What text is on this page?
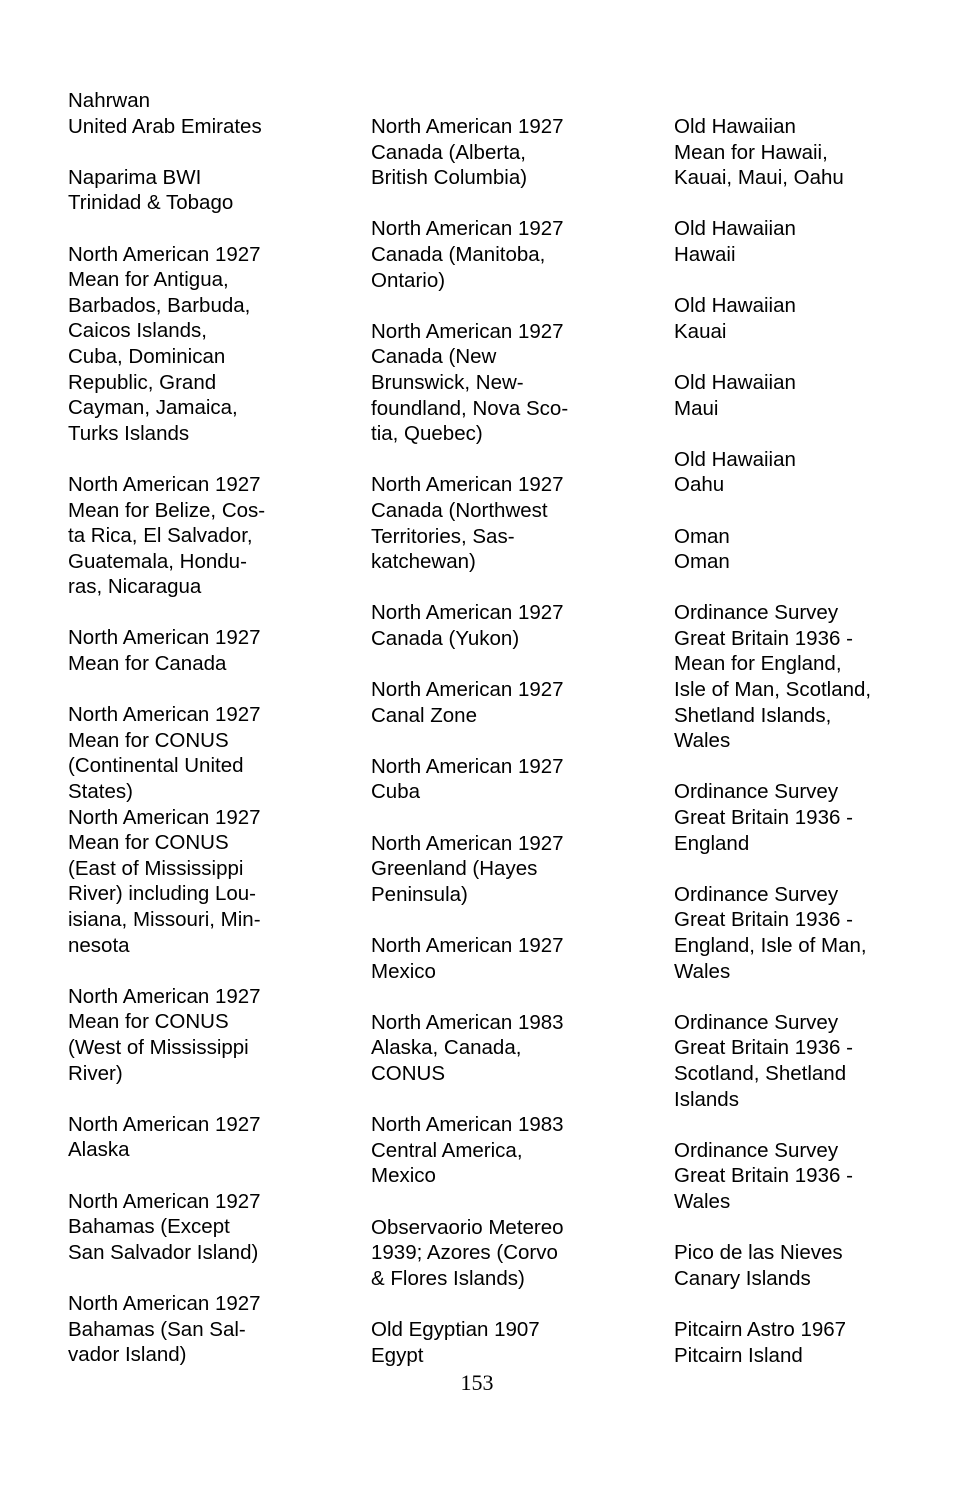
Nahrwan
United Arab Emirates
Naparima BWI
Trinidad & Tobago
North American 1927
Mean for Antigua,
Barbados, Barbuda,
Caicos Islands,
Cuba, Dominican
Republic, Grand
Cayman, Jamaica,
Turks Islands
North American 1927
Mean for Belize, Cos-
ta Rica, El Salvador,
Guatemala, Hondu-
ras, Nicaragua
North American 1927
Mean for Canada
North American 1927
Mean for CONUS
(Continental United
States)
North American 1927
Mean for CONUS
(East of Mississippi
River) including Lou-
isiana, Missouri, Min-
nesota
North American 1927
Mean for CONUS
(West of Mississippi
River)
North American 1927
Alaska
North American 1927
Bahamas (Except
San Salvador Island)
North American 1927
Bahamas (San Sal-
vador Island)
North American 1927
Canada (Alberta,
British Columbia)
North American 1927
Canada (Manitoba,
Ontario)
North American 1927
Canada (New
Brunswick, New-
foundland, Nova Sco-
tia, Quebec)
North American 1927
Canada (Northwest
Territories, Sas-
katchewan)
North American 1927
Canada (Yukon)
North American 1927
Canal Zone
North American 1927
Cuba
North American 1927
Greenland (Hayes
Peninsula)
North American 1927
Mexico
North American 1983
Alaska, Canada,
CONUS
North American 1983
Central America,
Mexico
Observaorio Metereo
1939; Azores (Corvo
& Flores Islands)
Old Egyptian 1907
Egypt
Old Hawaiian
Mean for Hawaii,
Kauai, Maui, Oahu
Old Hawaiian
Hawaii
Old Hawaiian
Kauai
Old Hawaiian
Maui
Old Hawaiian
Oahu
Oman
Oman
Ordinance Survey
Great Britain 1936 -
Mean for England,
Isle of Man, Scotland,
Shetland Islands,
Wales
Ordinance Survey
Great Britain 1936 -
England
Ordinance Survey
Great Britain 1936 -
England, Isle of Man,
Wales
Ordinance Survey
Great Britain 1936 -
Scotland, Shetland
Islands
Ordinance Survey
Great Britain 1936 -
Wales
Pico de las Nieves
Canary Islands
Pitcairn Astro 1967
Pitcairn Island
153
